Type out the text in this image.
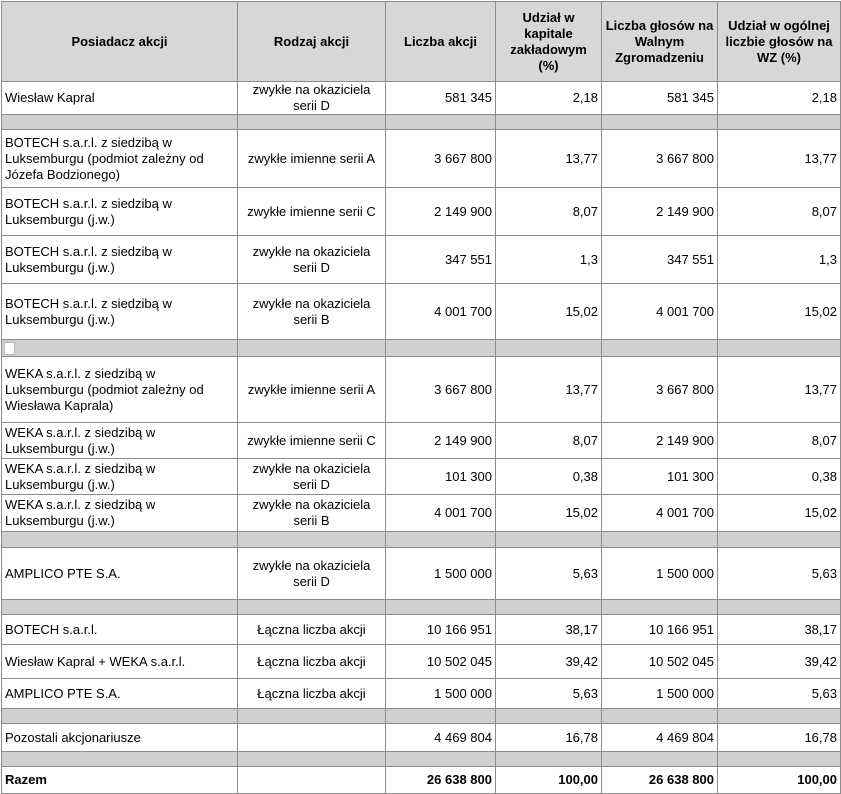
Posiadacz akcji	Rodzaj akcji	Liczba akcji	Udział w kapitale zakładowym (%)	Liczba głosów na Walnym Zgromadzeniu	Udział w ogólnej liczbie głosów na WZ (%)
Wiesław Kapral	zwykłe na okaziciela serii D	581 345	2,18	581 345	2,18

BOTECH s.a.r.l. z siedzibą w Luksemburgu (podmiot zależny od Józefa Bodzionego)	zwykłe imienne serii A	3 667 800	13,77	3 667 800	13,77
BOTECH s.a.r.l. z siedzibą w Luksemburgu (j.w.)	zwykłe imienne serii C	2 149 900	8,07	2 149 900	8,07
BOTECH s.a.r.l. z siedzibą w Luksemburgu (j.w.)	zwykłe na okaziciela serii D	347 551	1,3	347 551	1,3
BOTECH s.a.r.l. z siedzibą w Luksemburgu (j.w.)	zwykłe na okaziciela serii B	4 001 700	15,02	4 001 700	15,02

WEKA s.a.r.l. z siedzibą w Luksemburgu (podmiot zależny od Wiesława Kaprala)	zwykłe imienne serii A	3 667 800	13,77	3 667 800	13,77
WEKA s.a.r.l. z siedzibą w Luksemburgu (j.w.)	zwykłe imienne serii C	2 149 900	8,07	2 149 900	8,07
WEKA s.a.r.l. z siedzibą w Luksemburgu (j.w.)	zwykłe na okaziciela serii D	101 300	0,38	101 300	0,38
WEKA s.a.r.l. z siedzibą w Luksemburgu (j.w.)	zwykłe na okaziciela serii B	4 001 700	15,02	4 001 700	15,02

AMPLICO PTE S.A.	zwykłe na okaziciela serii D	1 500 000	5,63	1 500 000	5,63

BOTECH s.a.r.l.	Łączna liczba akcji	10 166 951	38,17	10 166 951	38,17
Wiesław Kapral + WEKA s.a.r.l.	Łączna liczba akcji	10 502 045	39,42	10 502 045	39,42
AMPLICO PTE S.A.	Łączna liczba akcji	1 500 000	5,63	1 500 000	5,63

Pozostali akcjonariusze		4 469 804	16,78	4 469 804	16,78

Razem		26 638 800	100,00	26 638 800	100,00
